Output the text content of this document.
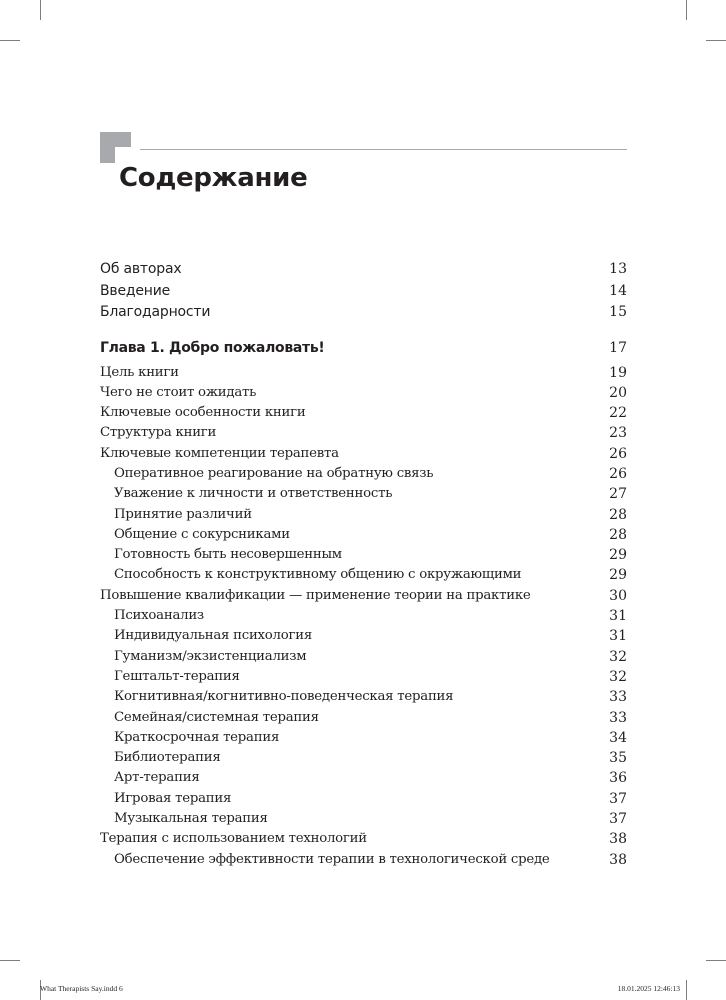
Содержание
Об авторах	13
Введение	14
Благодарности	15
Глава 1. Добро пожаловать!	17
Цель книги	19
Чего не стоит ожидать	20
Ключевые особенности книги	22
Структура книги	23
Ключевые компетенции терапевта	26
Оперативное реагирование на обратную связь	26
Уважение к личности и ответственность	27
Принятие различий	28
Общение с сокурсниками	28
Готовность быть несовершенным	29
Способность к конструктивному общению с окружающими	29
Повышение квалификации — применение теории на практике	30
Психоанализ	31
Индивидуальная психология	31
Гуманизм/экзистенциализм	32
Гештальт-терапия	32
Когнитивная/когнитивно-поведенческая терапия	33
Семейная/системная терапия	33
Краткосрочная терапия	34
Библиотерапия	35
Арт-терапия	36
Игровая терапия	37
Музыкальная терапия	37
Терапия с использованием технологий	38
Обеспечение эффективности терапии в технологической среде	38
What Therapists Say.indd 6	18.01.2025 12:46:13
